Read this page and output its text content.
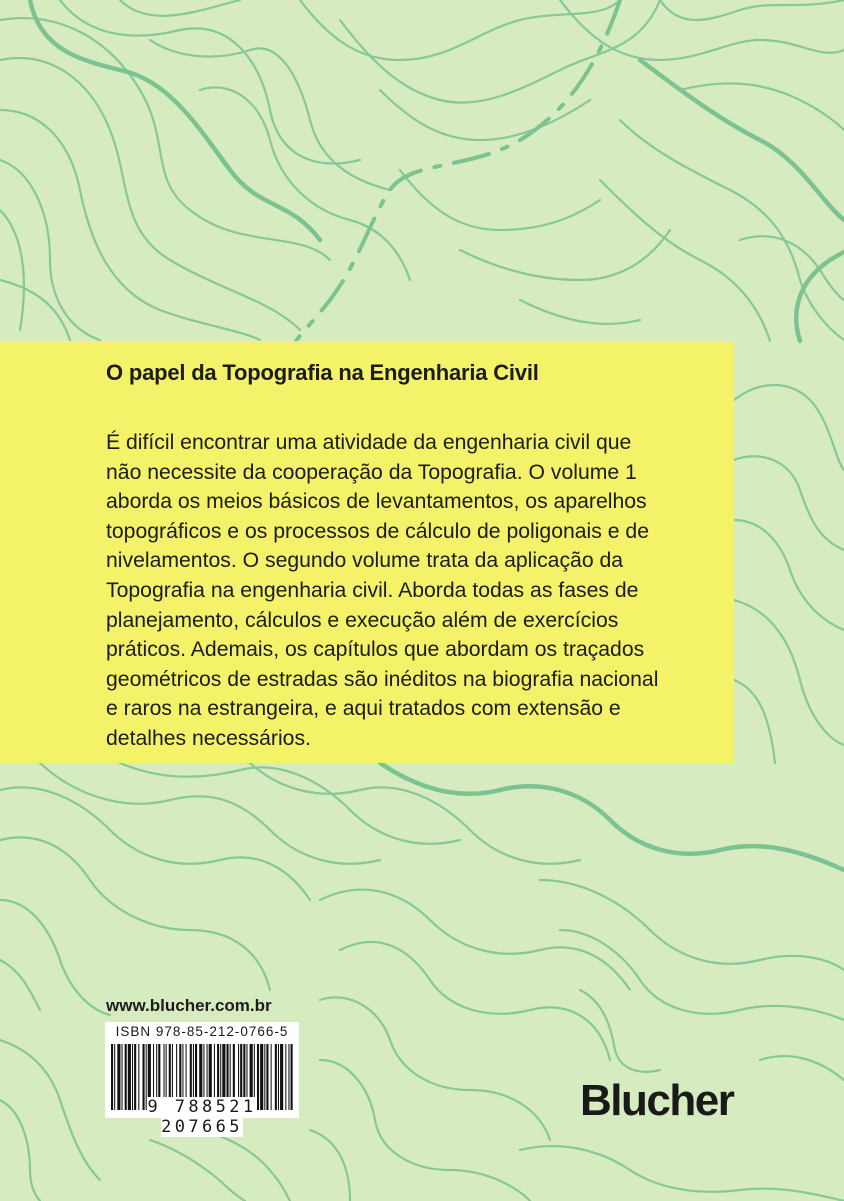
O papel da Topografia na Engenharia Civil
É difícil encontrar uma atividade da engenharia civil que
não necessite da cooperação da Topografia. O volume 1
aborda os meios básicos de levantamentos, os aparelhos
topográficos e os processos de cálculo de poligonais e de
nivelamentos. O segundo volume trata da aplicação da
Topografia na engenharia civil. Aborda todas as fases de
planejamento, cálculos e execução além de exercícios
práticos. Ademais, os capítulos que abordam os traçados
geométricos de estradas são inéditos na biografia nacional
e raros na estrangeira, e aqui tratados com extensão e
detalhes necessários.
www.blucher.com.br
ISBN 978-85-212-0766-5
9 788521 207665
Blucher
